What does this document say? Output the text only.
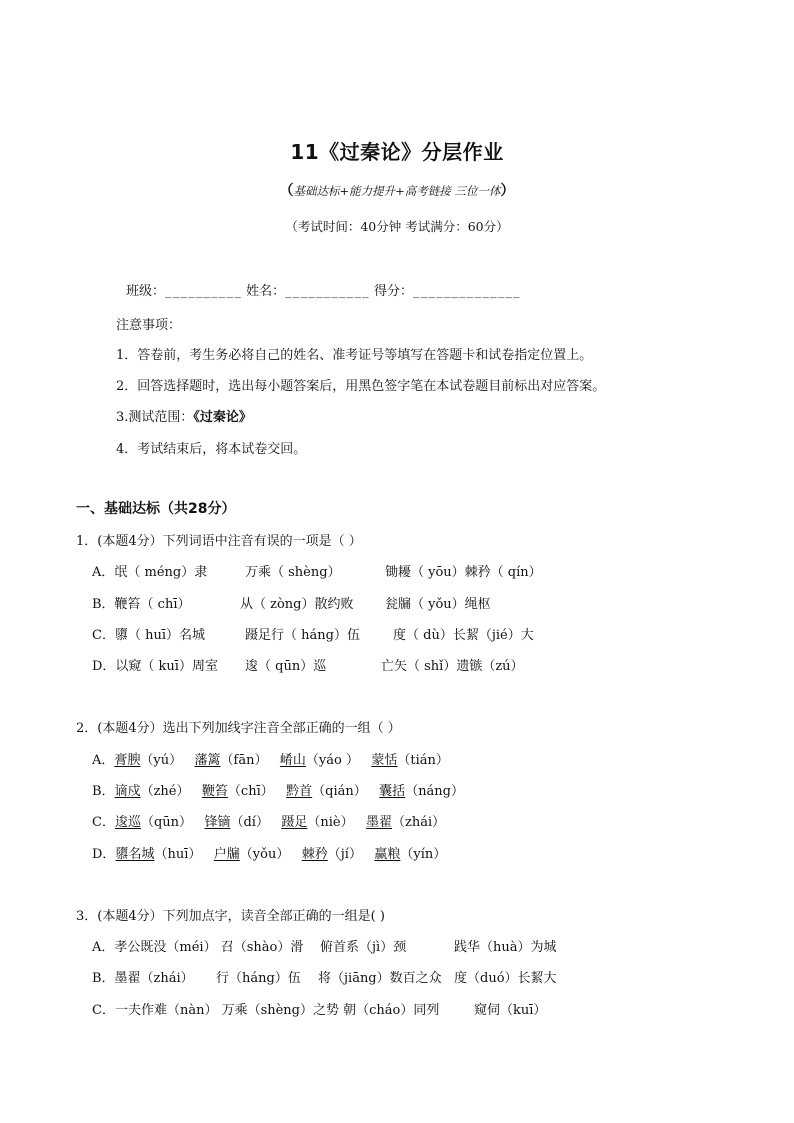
11《过秦论》分层作业
（基础达标+能力提升+高考链接 三位一体）
（考试时间：40分钟 考试满分：60分）
班级：__________ 姓名：___________ 得分：______________
注意事项：
1．答卷前，考生务必将自己的姓名、准考证号等填写在答题卡和试卷指定位置上。
2．回答选择题时，选出每小题答案后，用黑色签字笔在本试卷题目前标出对应答案。
3.测试范围：《过秦论》
4．考试结束后，将本试卷交回。
一、基础达标（共28分）
1．(本题4分）下列词语中注音有误的一项是（ ）
A．氓（ méng）隶	万乘（ shèng）	锄耰（ yōu）棘矜（ qín）
B．鞭笞（ chī）	从（ zòng）散约败 瓮牖（ yǒu）绳枢
C．隳（ huī）名城	蹑足行（ háng）伍	度（ dù）长絜（jié）大
D．以窥（ kuī）周室 逡（ qūn）巡	亡矢（ shǐ）遗镞（zú）
2．(本题4分）选出下列加线字注音全部正确的一组（ ）
A．膏腴（yú） 藩篱（fān） 崤山（yáo ） 蒙恬（tián）
B．谪戍（zhé） 鞭笞（chī） 黔首（qián） 囊括（náng）
C．逡巡（qūn） 锋镝（dí） 蹑足（niè） 墨翟（zhái）
D．隳名城（huī） 户牖（yǒu） 棘矜（jí） 赢粮（yín）
3．(本题4分）下列加点字，读音全部正确的一组是( )
A．孝公既没（méi） 召（shào）滑 俯首系（jì）颈	践华（huà）为城
B．墨翟（zhái） 行（háng）伍 将（jiāng）数百之众 度（duó）长絜大
C．一夫作难（nàn） 万乘（shèng）之势 朝（cháo）同列	窥伺（kuī）
